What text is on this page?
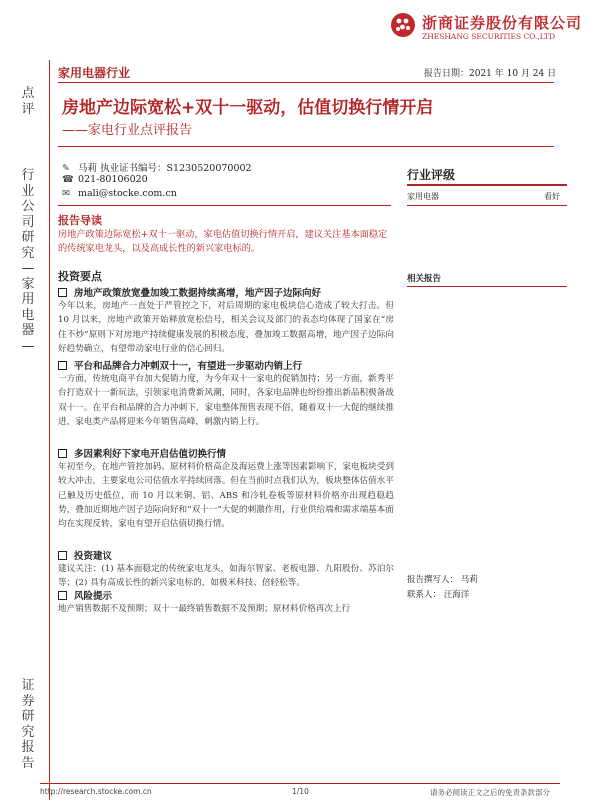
浙商证券股份有限公司
ZHESHANG SECURITIES CO.,LTD
家用电器行业	报告日期：2021 年 10 月 24 日
点评
行业公司研究—家用电器—
证券研究报告
房地产边际宽松+双十一驱动，估值切换行情开启
——家电行业点评报告
✎ 马莉 执业证书编号：S1230520070002
☎ 021-80106020
✉ mali@stocke.com.cn
报告导读
房地产政策边际宽松+双十一驱动，家电估值切换行情开启，建议关注基本面稳定的传统家电龙头，以及高成长性的新兴家电标的。
投资要点
房地产政策放宽叠加竣工数据持续高增，地产因子边际向好
今年以来，房地产一直处于严管控之下，对后周期的家电板块信心造成了较大打击。但 10 月以来，房地产政策开始释放宽松信号，相关会议及部门的表态均体现了国家在“房住不炒”原则下对房地产持续健康发展的积极态度，叠加竣工数据高增，地产因子边际向好趋势确立，有望带动家电行业的信心回归。
平台和品牌合力冲刺双十一，有望进一步驱动内销上行
一方面，传统电商平台加大促销力度，为今年双十一家电的促销加持；另一方面，新秀平台打造双十一新玩法，引领家电消费新风潮，同时，各家电品牌也纷纷推出新品积极备战双十一。在平台和品牌的合力冲刺下，家电整体预售表现不俗，随着双十一大促的继续推进，家电类产品将迎来今年销售高峰，刺激内销上行。
多因素利好下家电开启估值切换行情
年初至今，在地产管控加码、原材料价格高企及海运费上涨等因素影响下，家电板块受到较大冲击，主要家电公司估值水平持续回落。但在当前时点我们认为，板块整体估值水平已触及历史低位，而 10 月以来铜、铝、ABS 和冷轧卷板等原材料价格亦出现趋稳趋势，叠加近期地产因子边际向好和“双十一”大促的刺激作用，行业供给端和需求端基本面均在实现反转，家电有望开启估值切换行情。
投资建议
建议关注：(1) 基本面稳定的传统家电龙头，如海尔智家、老板电器、九阳股份、苏泊尔等；(2) 具有高成长性的新兴家电标的，如极米科技、倍轻松等。
风险提示
地产销售数据不及预期；双十一最终销售数据不及预期；原材料价格再次上行
行业评级
家用电器	看好
相关报告
报告撰写人： 马莉
联系人： 汪海洋
http://research.stocke.com.cn	1/10	请务必阅读正文之后的免责条款部分
